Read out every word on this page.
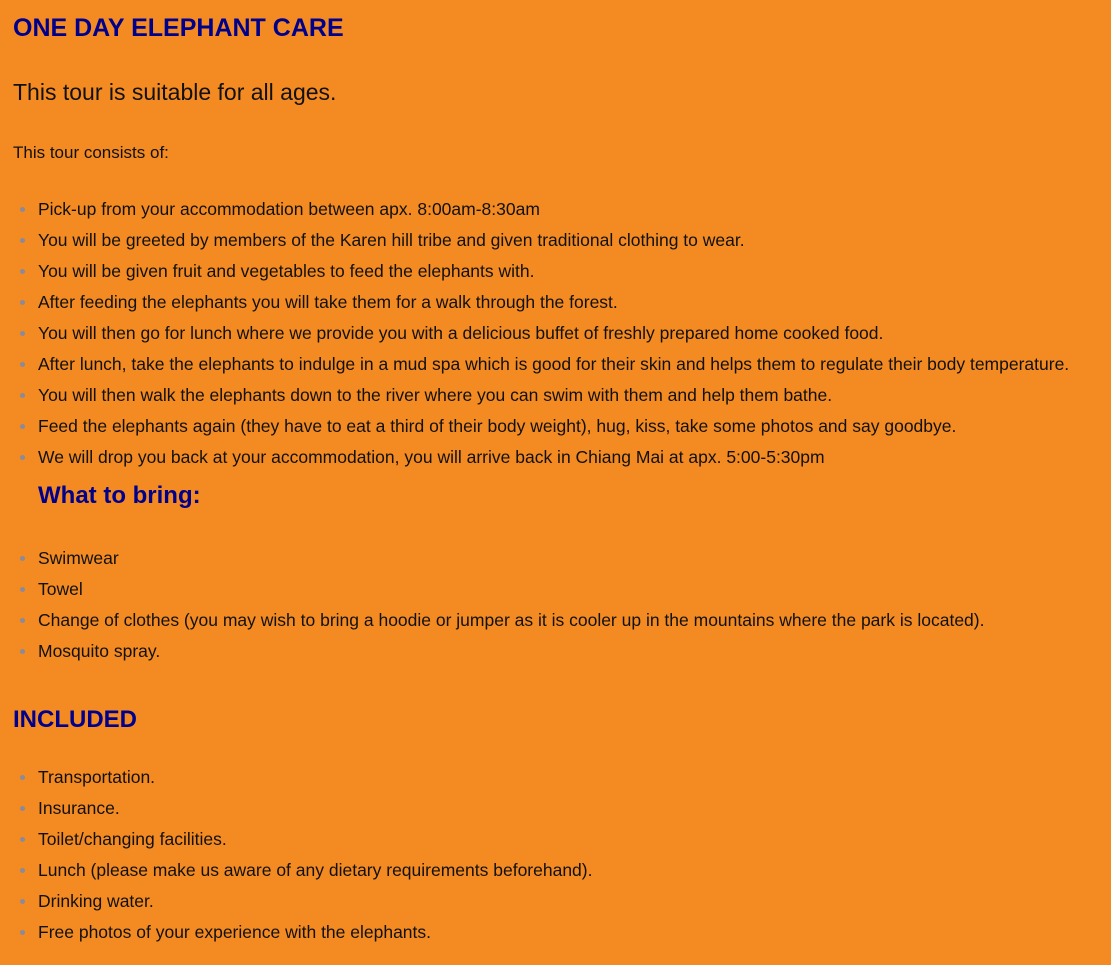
ONE DAY ELEPHANT CARE

This tour is suitable for all ages.

This tour consists of:

Pick-up from your accommodation between apx. 8:00am-8:30am
You will be greeted by members of the Karen hill tribe and given traditional clothing to wear.
You will be given fruit and vegetables to feed the elephants with.
After feeding the elephants you will take them for a walk through the forest.
You will then go for lunch where we provide you with a delicious buffet of freshly prepared home cooked food.
After lunch, take the elephants to indulge in a mud spa which is good for their skin and helps them to regulate their body temperature.
You will then walk the elephants down to the river where you can swim with them and help them bathe.
Feed the elephants again (they have to eat a third of their body weight), hug, kiss, take some photos and say goodbye.
We will drop you back at your accommodation, you will arrive back in Chiang Mai at apx. 5:00-5:30pm
What to bring:
Swimwear
Towel
Change of clothes (you may wish to bring a hoodie or jumper as it is cooler up in the mountains where the park is located).
Mosquito spray.
INCLUDED
Transportation.
Insurance.
Toilet/changing facilities.
Lunch (please make us aware of any dietary requirements beforehand).
Drinking water.
Free photos of your experience with the elephants.
